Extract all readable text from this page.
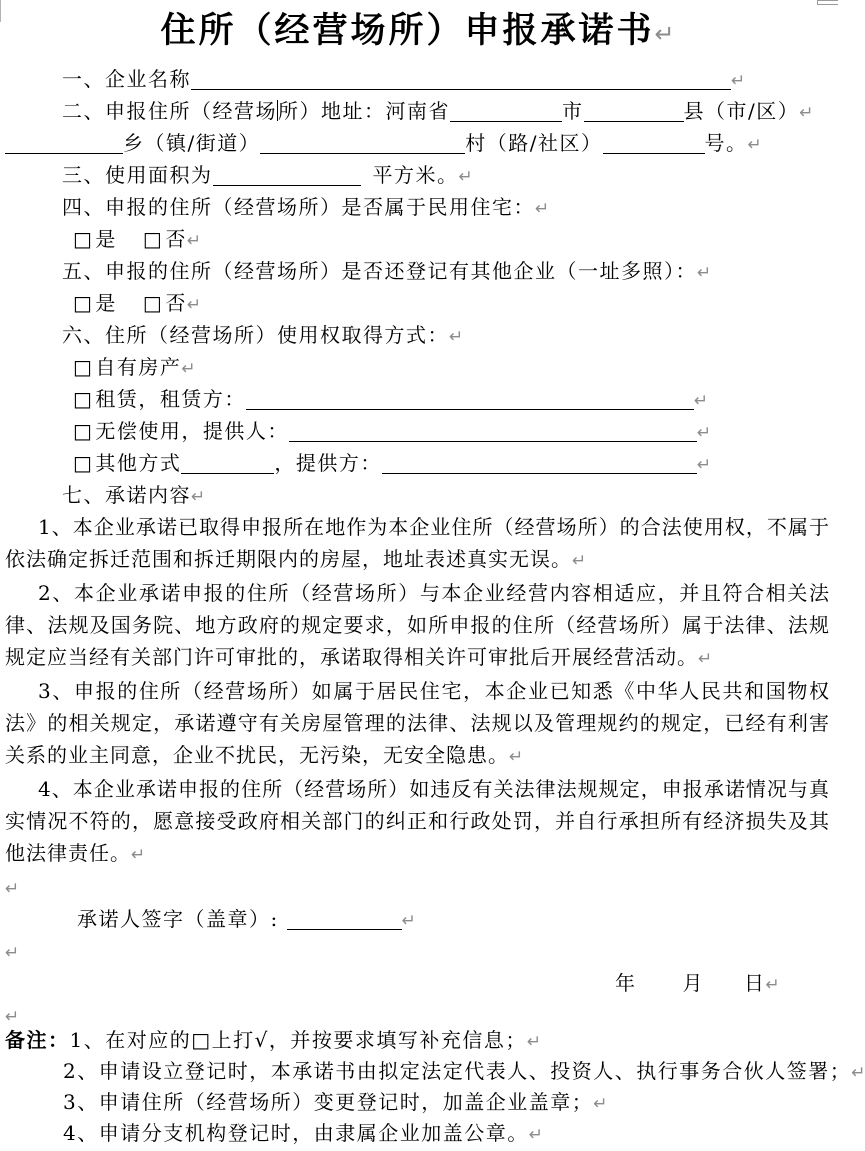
住所（经营场所）申报承诺书↵
一、企业名称	↵
二、申报住所（经营场所）地址：河南省	市	县（市/区）↵
乡（镇/街道）	村（路/社区）	号。↵
三、使用面积为	平方米。↵
四、申报的住所（经营场所）是否属于民用住宅：↵
□ 是 □ 否↵
五、申报的住所（经营场所）是否还登记有其他企业（一址多照）：↵
□ 是 □ 否↵
六、住所（经营场所）使用权取得方式：↵
□ 自有房产↵
□ 租赁，租赁方：	↵
□ 无偿使用，提供人：	↵
□ 其他方式	，提供方：	↵
七、承诺内容↵

1、本企业承诺已取得申报所在地作为本企业住所（经营场所）的合法使用权，不属于依法确定拆迁范围和拆迁期限内的房屋，地址表述真实无误。↵

2、本企业承诺申报的住所（经营场所）与本企业经营内容相适应，并且符合相关法律、法规及国务院、地方政府的规定要求，如所申报的住所（经营场所）属于法律、法规规定应当经有关部门许可审批的，承诺取得相关许可审批后开展经营活动。↵

3、申报的住所（经营场所）如属于居民住宅，本企业已知悉《中华人民共和国物权法》的相关规定，承诺遵守有关房屋管理的法律、法规以及管理规约的规定，已经有利害关系的业主同意，企业不扰民，无污染，无安全隐患。↵

4、本企业承诺申报的住所（经营场所）如违反有关法律法规规定，申报承诺情况与真实情况不符的，愿意接受政府相关部门的纠正和行政处罚，并自行承担所有经济损失及其他法律责任。↵

↵
承诺人签字（盖章）:	↵
↵
年 月 日↵
↵
备注：1、在对应的□上打√，并按要求填写补充信息；↵
2、申请设立登记时，本承诺书由拟定法定代表人、投资人、执行事务合伙人签署；↵
3、申请住所（经营场所）变更登记时，加盖企业盖章；↵
4、申请分支机构登记时，由隶属企业加盖公章。↵
